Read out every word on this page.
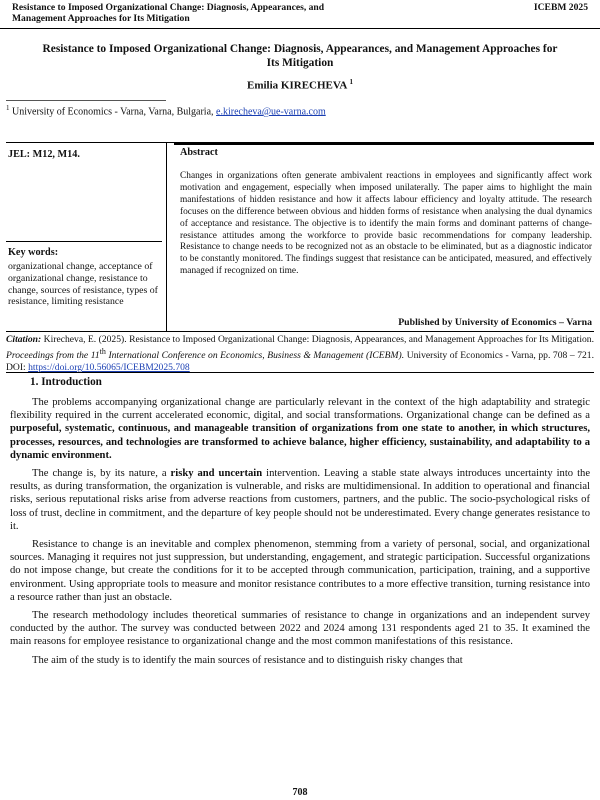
Resistance to Imposed Organizational Change: Diagnosis, Appearances, and Management Approaches for Its Mitigation
ICEBM 2025
Resistance to Imposed Organizational Change: Diagnosis, Appearances, and Management Approaches for Its Mitigation
Emilia KIRECHEVA $^1$
$^1$ University of Economics - Varna, Varna, Bulgaria, e.kirecheva@ue-varna.com
JEL: M12, M14.
Key words:
organizational change, acceptance of organizational change, resistance to change, sources of resistance, types of resistance, limiting resistance
Abstract
Changes in organizations often generate ambivalent reactions in employees and significantly affect work motivation and engagement, especially when imposed unilaterally. The paper aims to highlight the main manifestations of hidden resistance and how it affects labour efficiency and loyalty attitude. The research focuses on the difference between obvious and hidden forms of resistance when analysing the dual dynamics of acceptance and resistance. The objective is to identify the main forms and dominant patterns of change-resistance attitudes among the workforce to provide basic recommendations for company leadership. Resistance to change needs to be recognized not as an obstacle to be eliminated, but as a diagnostic indicator to be constantly monitored. The findings suggest that resistance can be anticipated, measured, and effectively managed if recognized on time.
Published by University of Economics – Varna
Citation: Kirecheva, E. (2025). Resistance to Imposed Organizational Change: Diagnosis, Appearances, and Management Approaches for Its Mitigation. Proceedings from the 11th International Conference on Economics, Business & Management (ICEBM). University of Economics - Varna, pp. 708 – 721. DOI: https://doi.org/10.56065/ICEBM2025.708
1. Introduction

The problems accompanying organizational change are particularly relevant in the context of the high adaptability and strategic flexibility required in the current accelerated economic, digital, and social transformations. Organizational change can be defined as a purposeful, systematic, continuous, and manageable transition of organizations from one state to another, in which structures, processes, resources, and technologies are transformed to achieve balance, higher efficiency, sustainability, and adaptability to a dynamic environment.

The change is, by its nature, a risky and uncertain intervention. Leaving a stable state always introduces uncertainty into the results, as during transformation, the organization is vulnerable, and risks are multidimensional. In addition to operational and financial risks, serious reputational risks arise from adverse reactions from customers, partners, and the public. The socio-psychological risks of loss of trust, decline in commitment, and the departure of key people should not be underestimated. Every change generates resistance to it.

Resistance to change is an inevitable and complex phenomenon, stemming from a variety of personal, social, and organizational sources. Managing it requires not just suppression, but understanding, engagement, and strategic participation. Successful organizations do not impose change, but create the conditions for it to be accepted through communication, participation, training, and a supportive environment. Using appropriate tools to measure and monitor resistance contributes to a more effective transition, turning resistance into a resource rather than just an obstacle.

The research methodology includes theoretical summaries of resistance to change in organizations and an independent survey conducted by the author. The survey was conducted between 2022 and 2024 among 131 respondents aged 21 to 35. It examined the main reasons for employee resistance to organizational change and the most common manifestations of this resistance.

The aim of the study is to identify the main sources of resistance and to distinguish risky changes that

708
